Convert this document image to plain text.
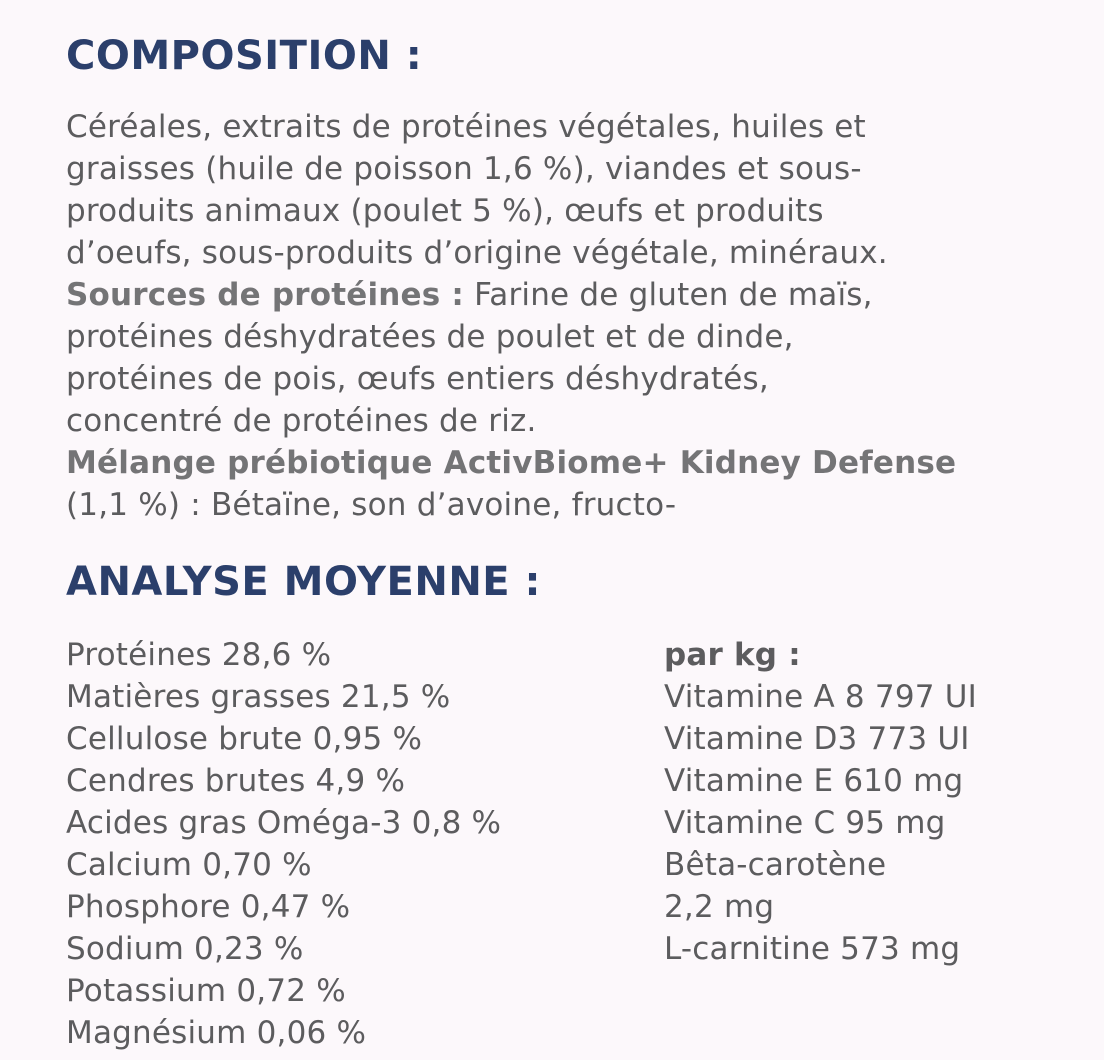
COMPOSITION :

Céréales, extraits de protéines végétales, huiles et

graisses (huile de poisson 1,6 %), viandes et sous-

produits animaux (poulet 5 %), œufs et produits

d’oeufs, sous-produits d’origine végétale, minéraux.

Sources de protéines : Farine de gluten de maïs,

protéines déshydratées de poulet et de dinde,

protéines de pois, œufs entiers déshydratés,

concentré de protéines de riz.

Mélange prébiotique ActivBiome+ Kidney Defense

(1,1 %) : Bétaïne, son d’avoine, fructo-

ANALYSE MOYENNE :
Protéines 28,6 %
Matières grasses 21,5 %
Cellulose brute 0,95 %
Cendres brutes 4,9 %
Acides gras Oméga-3 0,8 %
Calcium 0,70 %
Phosphore 0,47 %
Sodium 0,23 %
Potassium 0,72 %
Magnésium 0,06 %
par kg :
Vitamine A 8 797 UI
Vitamine D3 773 UI
Vitamine E 610 mg
Vitamine C 95 mg
Bêta-carotène
2,2 mg
L-carnitine 573 mg
